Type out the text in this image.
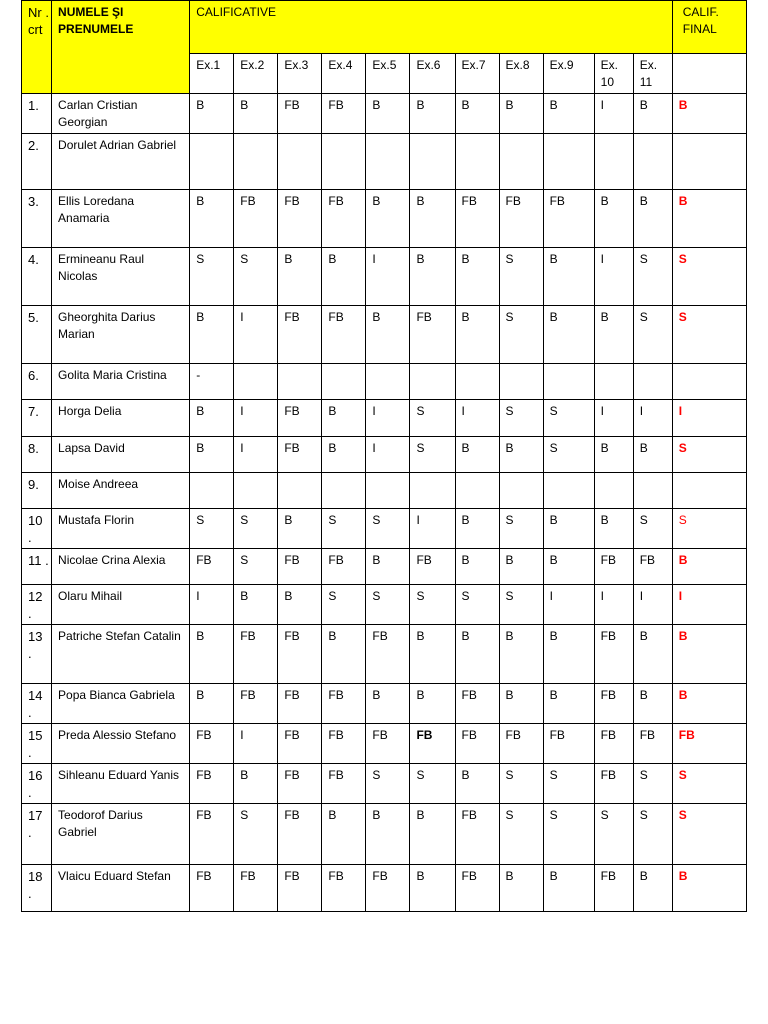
Nr . crt	NUMELE ŞI PRENUMELE	CALIFICATIVE											CALIF. FINAL
		Ex.1	Ex.2	Ex.3	Ex.4	Ex.5	Ex.6	Ex.7	Ex.8	Ex.9	Ex. 10	Ex. 11	
1.	Carlan Cristian Georgian	B	B	FB	FB	B	B	B	B	B	I	B	B
2.	Dorulet Adrian Gabriel												
3.	Ellis Loredana Anamaria	B	FB	FB	FB	B	B	FB	FB	FB	B	B	B
4.	Ermineanu Raul Nicolas	S	S	B	B	I	B	B	S	B	I	S	S
5.	Gheorghita Darius Marian	B	I	FB	FB	B	FB	B	S	B	B	S	S
6.	Golita Maria Cristina	-											
7.	Horga Delia	B	I	FB	B	I	S	I	S	S	I	I	I
8.	Lapsa David	B	I	FB	B	I	S	B	B	S	B	B	S
9.	Moise Andreea												
10 .	Mustafa Florin	S	S	B	S	S	I	B	S	B	B	S	S
11 .	Nicolae Crina Alexia	FB	S	FB	FB	B	FB	B	B	B	FB	FB	B
12 .	Olaru Mihail	I	B	B	S	S	S	S	S	I	I	I	I
13 .	Patriche Stefan Catalin	B	FB	FB	B	FB	B	B	B	B	FB	B	B
14 .	Popa Bianca Gabriela	B	FB	FB	FB	B	B	FB	B	B	FB	B	B
15 .	Preda Alessio Stefano	FB	I	FB	FB	FB	FB	FB	FB	FB	FB	FB	FB
16 .	Sihleanu Eduard Yanis	FB	B	FB	FB	S	S	B	S	S	FB	S	S
17 .	Teodorof Darius Gabriel	FB	S	FB	B	B	B	FB	S	S	S	S	S
18 .	Vlaicu Eduard Stefan	FB	FB	FB	FB	FB	B	FB	B	B	FB	B	B
